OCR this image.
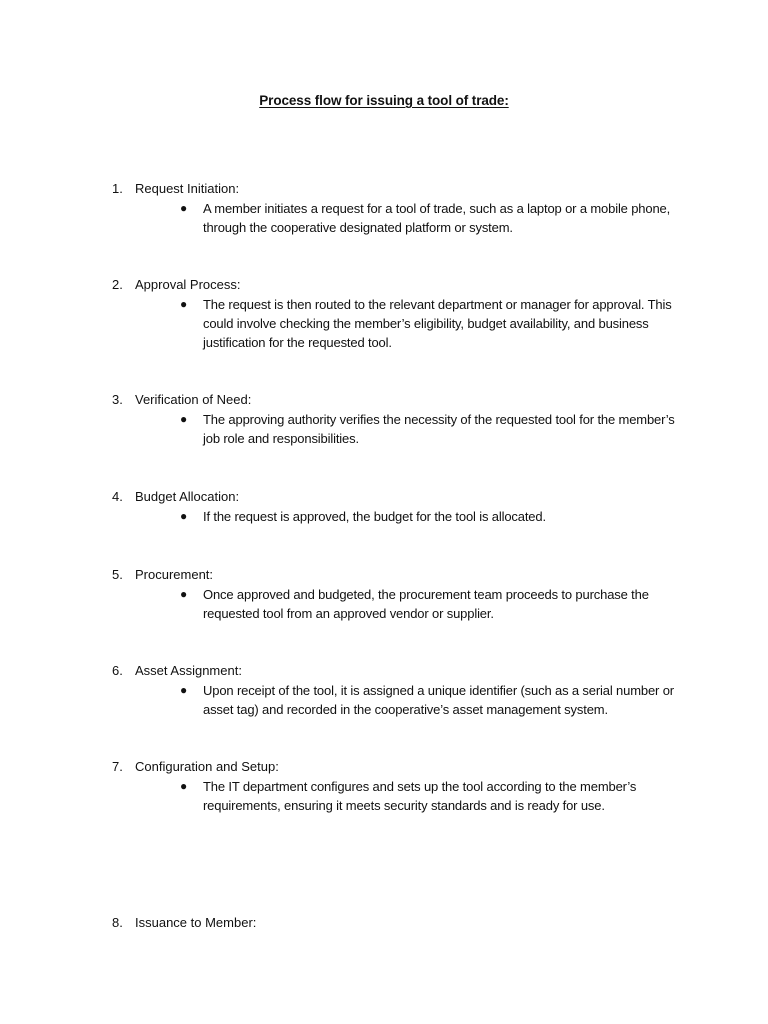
Process flow for issuing a tool of trade:
1. Request Initiation:
● A member initiates a request for a tool of trade, such as a laptop or a mobile phone, through the cooperative designated platform or system.
2. Approval Process:
● The request is then routed to the relevant department or manager for approval. This could involve checking the member’s eligibility, budget availability, and business justification for the requested tool.
3. Verification of Need:
● The approving authority verifies the necessity of the requested tool for the member’s job role and responsibilities.
4. Budget Allocation:
● If the request is approved, the budget for the tool is allocated.
5. Procurement:
● Once approved and budgeted, the procurement team proceeds to purchase the requested tool from an approved vendor or supplier.
6. Asset Assignment:
● Upon receipt of the tool, it is assigned a unique identifier (such as a serial number or asset tag) and recorded in the cooperative’s asset management system.
7. Configuration and Setup:
● The IT department configures and sets up the tool according to the member’s requirements, ensuring it meets security standards and is ready for use.
8. Issuance to Member:
